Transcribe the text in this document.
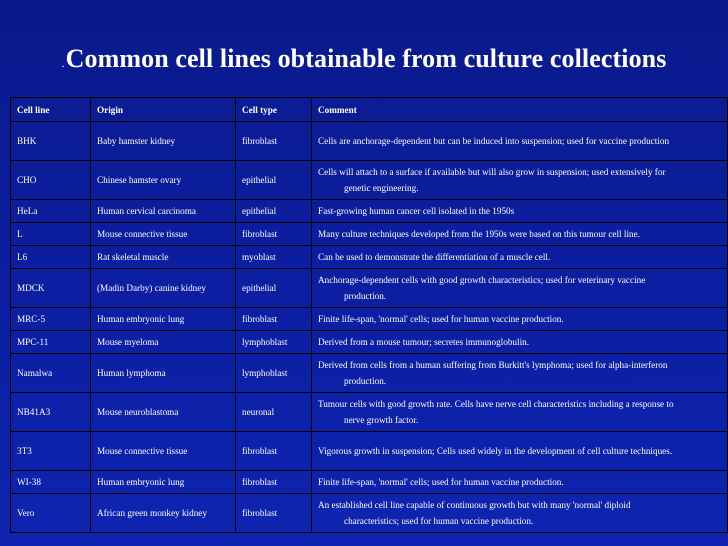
.Common cell lines obtainable from culture collections
Cell line	Origin	Cell type	Comment
BHK	Baby hamster kidney	fibroblast	Cells are anchorage-dependent but can be induced into suspension; used for vaccine production
CHO	Chinese hamster ovary	epithelial	Cells will attach to a surface if available but will also grow in suspension; used extensively for
genetic engineering.

HeLa	Human cervical carcinoma	epithelial	Fast-growing human cancer cell isolated in the 1950s
L	Mouse connective tissue	fibroblast	Many culture techniques developed from the 1950s were based on this tumour cell line.
L6	Rat skeletal muscle	myoblast	Can be used to demonstrate the differentiation of a muscle cell.
MDCK	(Madin Darby) canine kidney	epithelial	Anchorage-dependent cells with good growth characteristics; used for veterinary vaccine
production.

MRC-5	Human embryonic lung	fibroblast	Finite life-span, 'normal' cells; used for human vaccine production.
MPC-11	Mouse myeloma	lymphoblast	Derived from a mouse tumour; secretes immunoglobulin.
Namalwa	Human lymphoma	lymphoblast	Derived from cells from a human suffering from Burkitt's lymphoma; used for alpha-interferon
production.

NB41A3	Mouse neuroblastoma	neuronal	Tumour cells with good growth rate. Cells have nerve cell characteristics including a response to
nerve growth factor.

3T3	Mouse connective tissue	fibroblast	Vigorous growth in suspension; Cells used widely in the development of cell culture techniques.
WI-38	Human embryonic lung	fibroblast	Finite life-span, 'normal' cells; used for human vaccine production.
Vero	African green monkey kidney	fibroblast	An established cell line capable of continuous growth but with many 'normal' diploid
characteristics; used for human vaccine production.
